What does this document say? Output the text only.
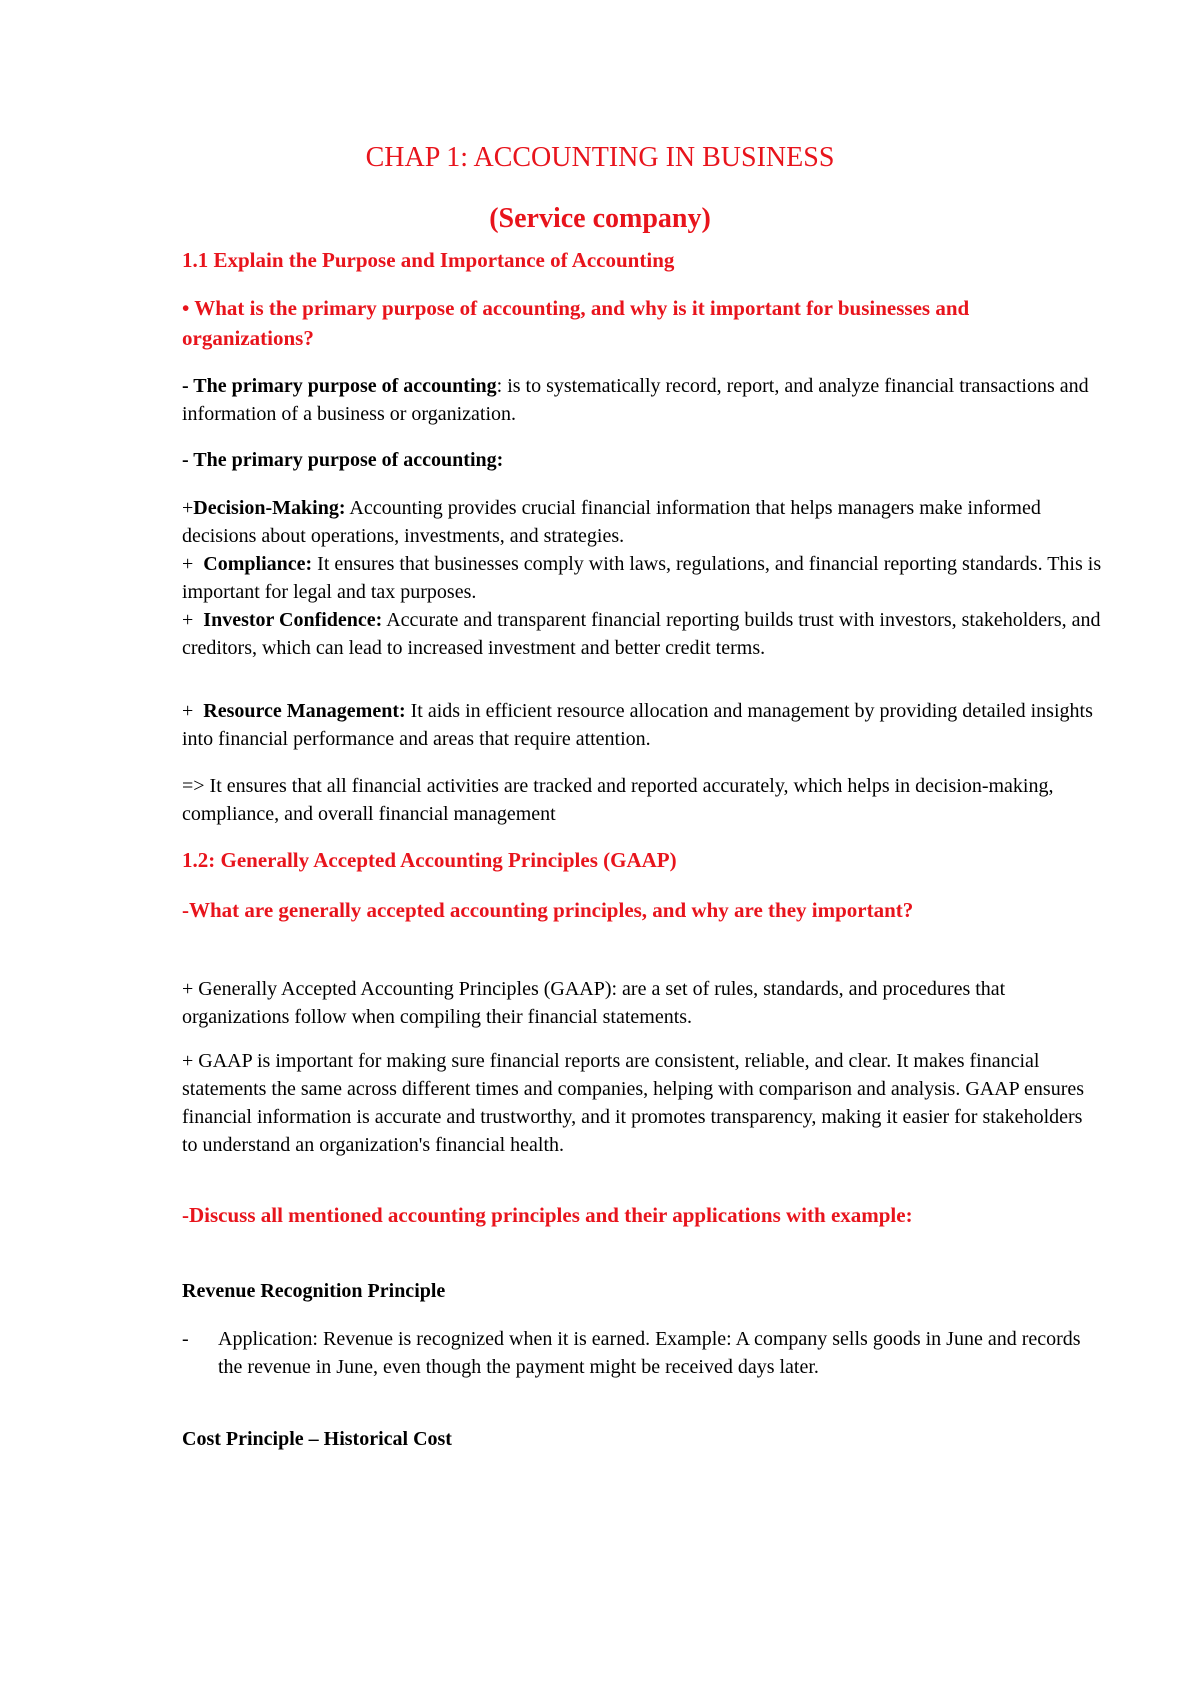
CHAP 1: ACCOUNTING IN BUSINESS
(Service company)
1.1 Explain the Purpose and Importance of Accounting
• What is the primary purpose of accounting, and why is it important for businesses and organizations?
- The primary purpose of accounting: is to systematically record, report, and analyze financial transactions and information of a business or organization.
- The primary purpose of accounting:

+Decision-Making: Accounting provides crucial financial information that helps managers make informed decisions about operations, investments, and strategies.

+  Compliance: It ensures that businesses comply with laws, regulations, and financial reporting standards. This is important for legal and tax purposes.

+  Investor Confidence: Accurate and transparent financial reporting builds trust with investors, stakeholders, and creditors, which can lead to increased investment and better credit terms.

+  Resource Management: It aids in efficient resource allocation and management by providing detailed insights into financial performance and areas that require attention.
=> It ensures that all financial activities are tracked and reported accurately, which helps in decision-making, compliance, and overall financial management
1.2: Generally Accepted Accounting Principles (GAAP)
-What are generally accepted accounting principles, and why are they important?
+ Generally Accepted Accounting Principles (GAAP): are a set of rules, standards, and procedures that organizations follow when compiling their financial statements.
+ GAAP is important for making sure financial reports are consistent, reliable, and clear. It makes financial statements the same across different times and companies, helping with comparison and analysis. GAAP ensures financial information is accurate and trustworthy, and it promotes transparency, making it easier for stakeholders to understand an organization's financial health.
-Discuss all mentioned accounting principles and their applications with example:
Revenue Recognition Principle
-	Application: Revenue is recognized when it is earned. Example: A company sells goods in June and records the revenue in June, even though the payment might be received days later.
Cost Principle – Historical Cost
